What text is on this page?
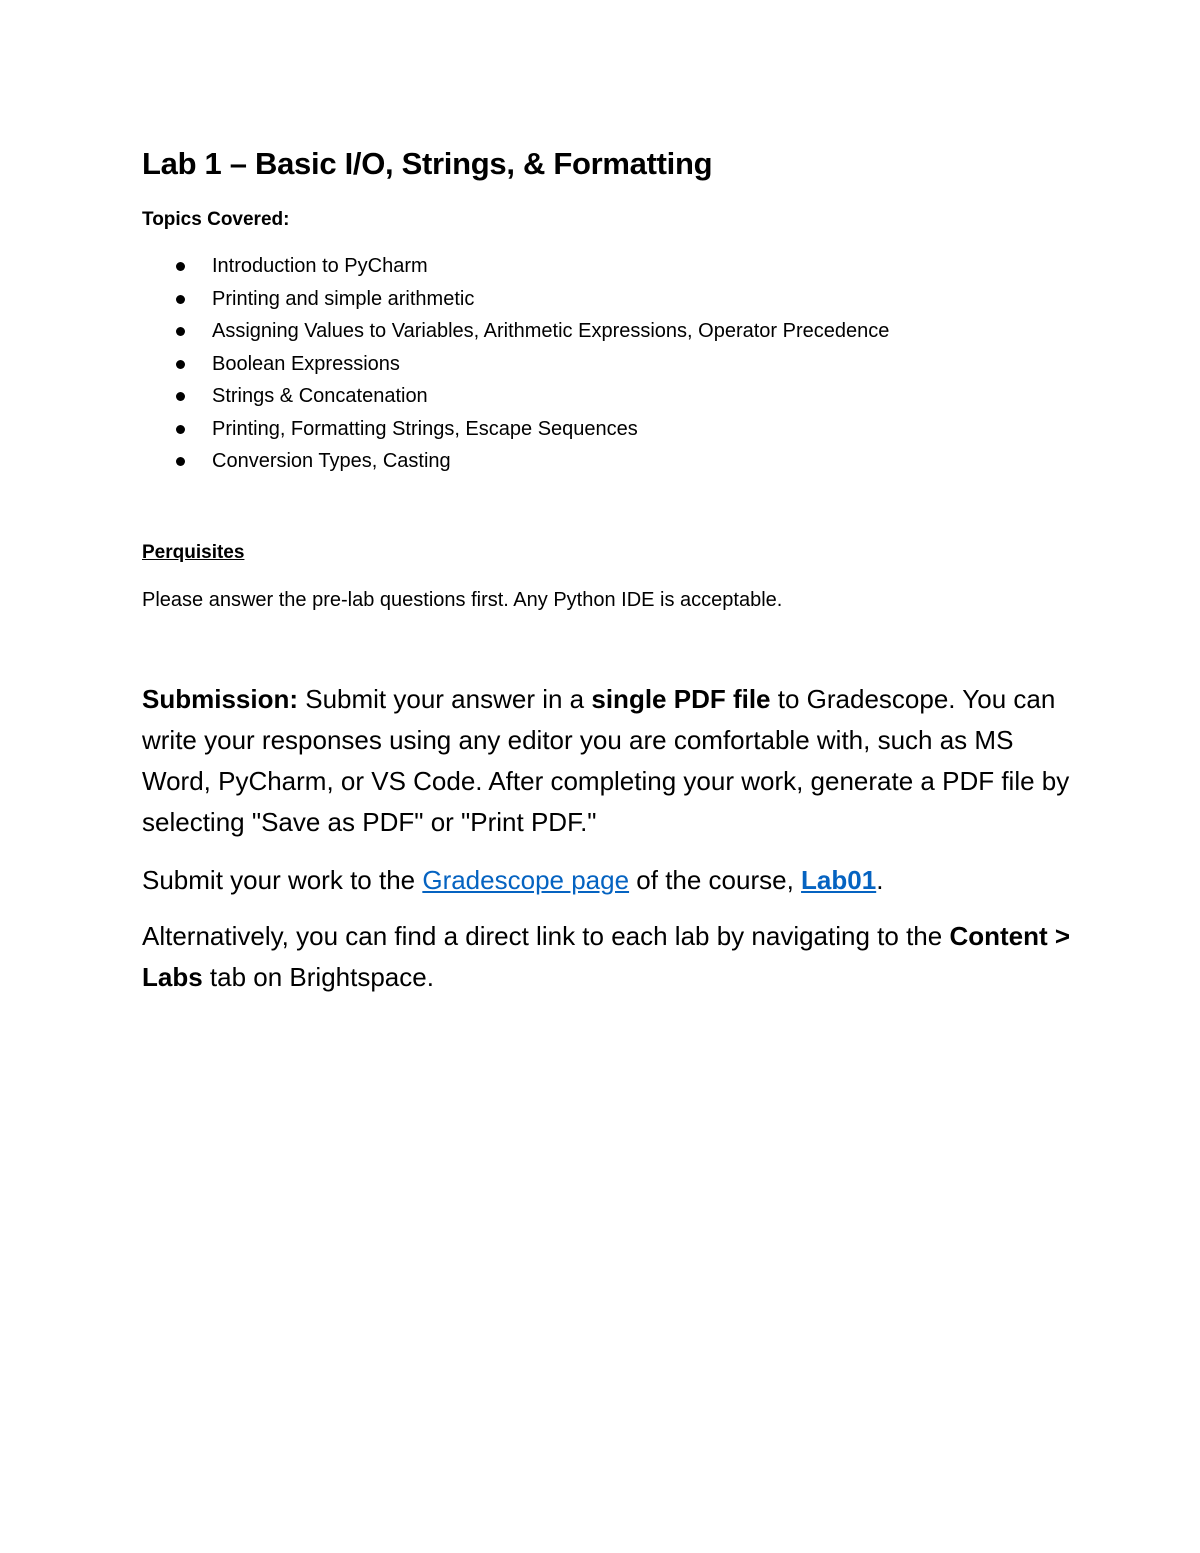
Lab 1 – Basic I/O, Strings, & Formatting

Topics Covered:

Introduction to PyCharm
Printing and simple arithmetic
Assigning Values to Variables, Arithmetic Expressions, Operator Precedence
Boolean Expressions
Strings & Concatenation
Printing, Formatting Strings, Escape Sequences
Conversion Types, Casting

Perquisites

Please answer the pre-lab questions first. Any Python IDE is acceptable.

Submission: Submit your answer in a single PDF file to Gradescope. You can write your responses using any editor you are comfortable with, such as MS Word, PyCharm, or VS Code. After completing your work, generate a PDF file by selecting "Save as PDF" or "Print PDF."

Submit your work to the Gradescope page of the course, Lab01.

Alternatively, you can find a direct link to each lab by navigating to the Content > Labs tab on Brightspace.
